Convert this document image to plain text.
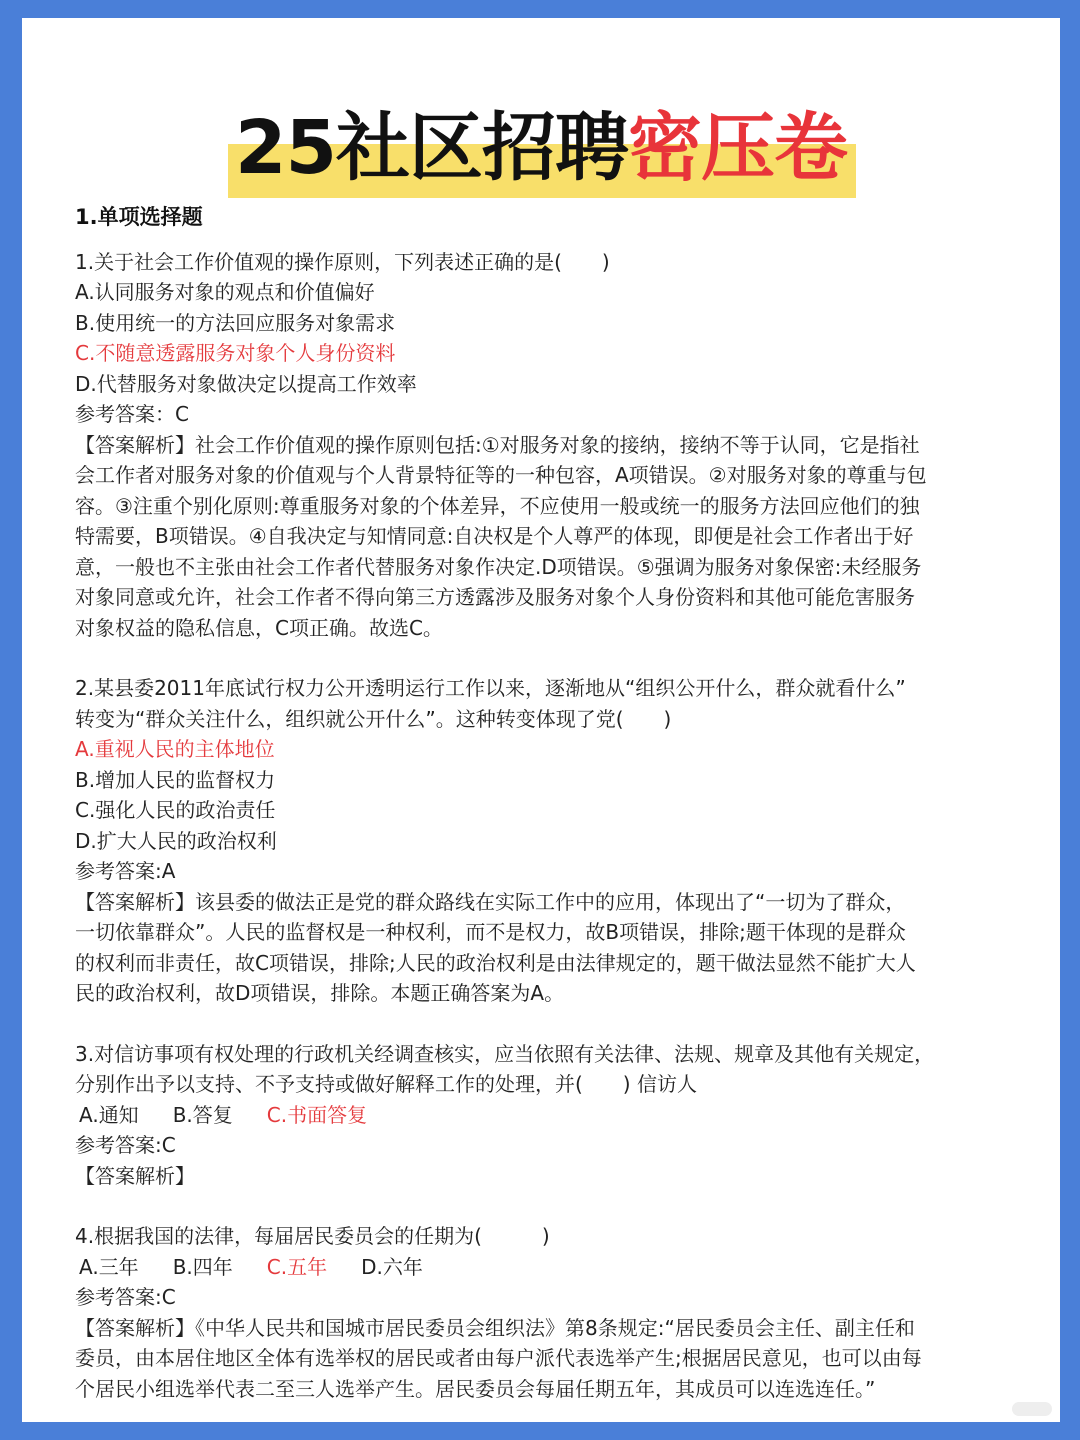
25社区招聘密压卷
1.单项选择题
1.关于社会工作价值观的操作原则，下列表述正确的是(　　)
A.认同服务对象的观点和价值偏好
B.使用统一的方法回应服务对象需求
C.不随意透露服务对象个人身份资料
D.代替服务对象做决定以提高工作效率
参考答案：C
【答案解析】社会工作价值观的操作原则包括:①对服务对象的接纳，接纳不等于认同，它是指社
会工作者对服务对象的价值观与个人背景特征等的一种包容，A项错误。②对服务对象的尊重与包
容。③注重个别化原则:尊重服务对象的个体差异，不应使用一般或统一的服务方法回应他们的独
特需要，B项错误。④自我决定与知情同意:自决权是个人尊严的体现，即便是社会工作者出于好
意，一般也不主张由社会工作者代替服务对象作决定.D项错误。⑤强调为服务对象保密:未经服务
对象同意或允许，社会工作者不得向第三方透露涉及服务对象个人身份资料和其他可能危害服务
对象权益的隐私信息，C项正确。故选C。
2.某县委2011年底试行权力公开透明运行工作以来，逐渐地从“组织公开什么，群众就看什么”
转变为“群众关注什么，组织就公开什么”。这种转变体现了党(　　)
A.重视人民的主体地位
B.增加人民的监督权力
C.强化人民的政治责任
D.扩大人民的政治权利
参考答案:A
【答案解析】该县委的做法正是党的群众路线在实际工作中的应用，体现出了“一切为了群众，
一切依靠群众”。人民的监督权是一种权利，而不是权力，故B项错误，排除;题干体现的是群众
的权利而非责任，故C项错误，排除;人民的政治权利是由法律规定的，题干做法显然不能扩大人
民的政治权利，故D项错误，排除。本题正确答案为A。
3.对信访事项有权处理的行政机关经调查核实，应当依照有关法律、法规、规章及其他有关规定，
分别作出予以支持、不予支持或做好解释工作的处理，并(　　) 信访人
A.通知 B.答复 C.书面答复
参考答案:C
【答案解析】
4.根据我国的法律，每届居民委员会的任期为(　　　)
A.三年 B.四年 C.五年 D.六年
参考答案:C
【答案解析】《中华人民共和国城市居民委员会组织法》第8条规定:“居民委员会主任、副主任和
委员，由本居住地区全体有选举权的居民或者由每户派代表选举产生;根据居民意见，也可以由每
个居民小组选举代表二至三人选举产生。居民委员会每届任期五年，其成员可以连选连任。”
